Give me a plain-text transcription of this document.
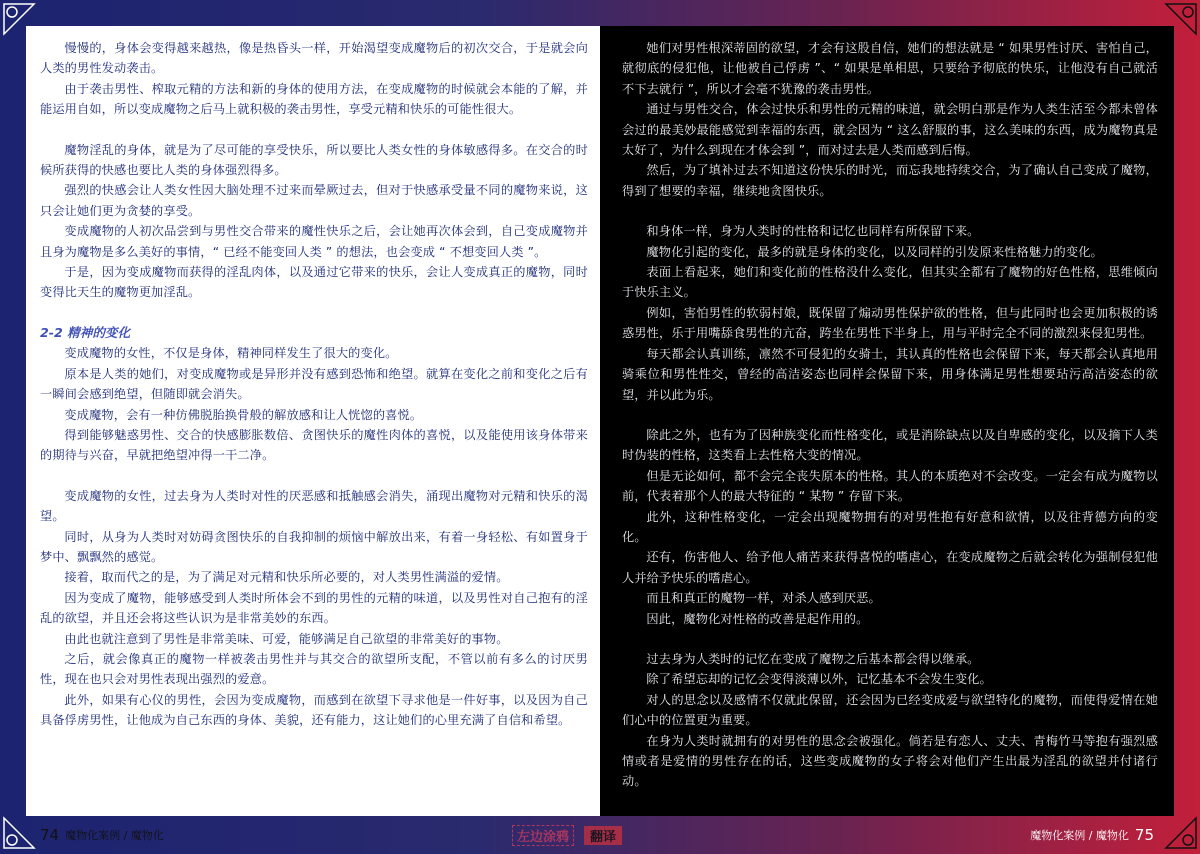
慢慢的，身体会变得越来越热，像是热昏头一样，开始渴望变成魔物后的初次交合，于是就会向人类的男性发动袭击。

由于袭击男性、榨取元精的方法和新的身体的使用方法，在变成魔物的时候就会本能的了解，并能运用自如，所以变成魔物之后马上就积极的袭击男性，享受元精和快乐的可能性很大。

魔物淫乱的身体，就是为了尽可能的享受快乐，所以要比人类女性的身体敏感得多。在交合的时候所获得的快感也要比人类的身体强烈得多。

强烈的快感会让人类女性因大脑处理不过来而晕厥过去，但对于快感承受量不同的魔物来说，这只会让她们更为贪婪的享受。

变成魔物的人初次品尝到与男性交合带来的魔性快乐之后，会让她再次体会到，自己变成魔物并且身为魔物是多么美好的事情，“ 已经不能变回人类 ” 的想法，也会变成 “ 不想变回人类 ”。

于是，因为变成魔物而获得的淫乱肉体，以及通过它带来的快乐，会让人变成真正的魔物，同时变得比天生的魔物更加淫乱。

2-2 精神的变化

变成魔物的女性，不仅是身体，精神同样发生了很大的变化。

原本是人类的她们，对变成魔物或是异形并没有感到恐怖和绝望。就算在变化之前和变化之后有一瞬间会感到绝望，但随即就会消失。

变成魔物，会有一种仿佛脱胎换骨般的解放感和让人恍惚的喜悦。

得到能够魅惑男性、交合的快感膨胀数倍、贪图快乐的魔性肉体的喜悦，以及能使用该身体带来的期待与兴奋，早就把绝望冲得一干二净。

变成魔物的女性，过去身为人类时对性的厌恶感和抵触感会消失，涌现出魔物对元精和快乐的渴望。

同时，从身为人类时对妨碍贪图快乐的自我抑制的烦恼中解放出来，有着一身轻松、有如置身于梦中、飘飘然的感觉。

接着，取而代之的是，为了满足对元精和快乐所必要的，对人类男性满溢的爱情。

因为变成了魔物，能够感受到人类时所体会不到的男性的元精的味道，以及男性对自己抱有的淫乱的欲望，并且还会将这些认识为是非常美妙的东西。

由此也就注意到了男性是非常美味、可爱，能够满足自己欲望的非常美好的事物。

之后，就会像真正的魔物一样被袭击男性并与其交合的欲望所支配，不管以前有多么的讨厌男性，现在也只会对男性表现出强烈的爱意。

此外，如果有心仪的男性，会因为变成魔物，而感到在欲望下寻求他是一件好事，以及因为自己具备俘虏男性，让他成为自己东西的身体、美貌，还有能力，这让她们的心里充满了自信和希望。

她们对男性根深蒂固的欲望，才会有这股自信，她们的想法就是 “ 如果男性讨厌、害怕自己，就彻底的侵犯他，让他被自己俘虏 ”、“ 如果是单相思，只要给予彻底的快乐，让他没有自己就活不下去就行 ”，所以才会毫不犹豫的袭击男性。

通过与男性交合，体会过快乐和男性的元精的味道，就会明白那是作为人类生活至今都未曾体会过的最美妙最能感觉到幸福的东西，就会因为 “ 这么舒服的事，这么美味的东西，成为魔物真是太好了，为什么到现在才体会到 ”，而对过去是人类而感到后悔。

然后，为了填补过去不知道这份快乐的时光，而忘我地持续交合，为了确认自己变成了魔物，得到了想要的幸福，继续地贪图快乐。

和身体一样，身为人类时的性格和记忆也同样有所保留下来。

魔物化引起的变化，最多的就是身体的变化，以及同样的引发原来性格魅力的变化。

表面上看起来，她们和变化前的性格没什么变化，但其实全都有了魔物的好色性格，思维倾向于快乐主义。

例如，害怕男性的软弱村娘，既保留了煽动男性保护欲的性格，但与此同时也会更加积极的诱惑男性，乐于用嘴舔食男性的亢奋，跨坐在男性下半身上，用与平时完全不同的激烈来侵犯男性。

每天都会认真训练，凛然不可侵犯的女骑士，其认真的性格也会保留下来，每天都会认真地用骑乘位和男性性交，曾经的高洁姿态也同样会保留下来，用身体满足男性想要玷污高洁姿态的欲望，并以此为乐。

除此之外，也有为了因种族变化而性格变化，或是消除缺点以及自卑感的变化，以及摘下人类时伪装的性格，这类看上去性格大变的情况。

但是无论如何，都不会完全丧失原本的性格。其人的本质绝对不会改变。一定会有成为魔物以前，代表着那个人的最大特征的 “ 某物 ” 存留下来。

此外，这种性格变化，一定会出现魔物拥有的对男性抱有好意和欲情，以及往背德方向的变化。

还有，伤害他人、给予他人痛苦来获得喜悦的嗜虐心，在变成魔物之后就会转化为强制侵犯他人并给予快乐的嗜虐心。

而且和真正的魔物一样，对杀人感到厌恶。

因此，魔物化对性格的改善是起作用的。

过去身为人类时的记忆在变成了魔物之后基本都会得以继承。

除了希望忘却的记忆会变得淡薄以外，记忆基本不会发生变化。

对人的思念以及感情不仅就此保留，还会因为已经变成爱与欲望特化的魔物，而使得爱情在她们心中的位置更为重要。

在身为人类时就拥有的对男性的思念会被强化。倘若是有恋人、丈夫、青梅竹马等抱有强烈感情或者是爱情的男性存在的话，这些变成魔物的女子将会对他们产生出最为淫乱的欲望并付诸行动。

74 魔物化案例 / 魔物化	魔物化案例 / 魔物化 75
左边涂鸦	翻译
